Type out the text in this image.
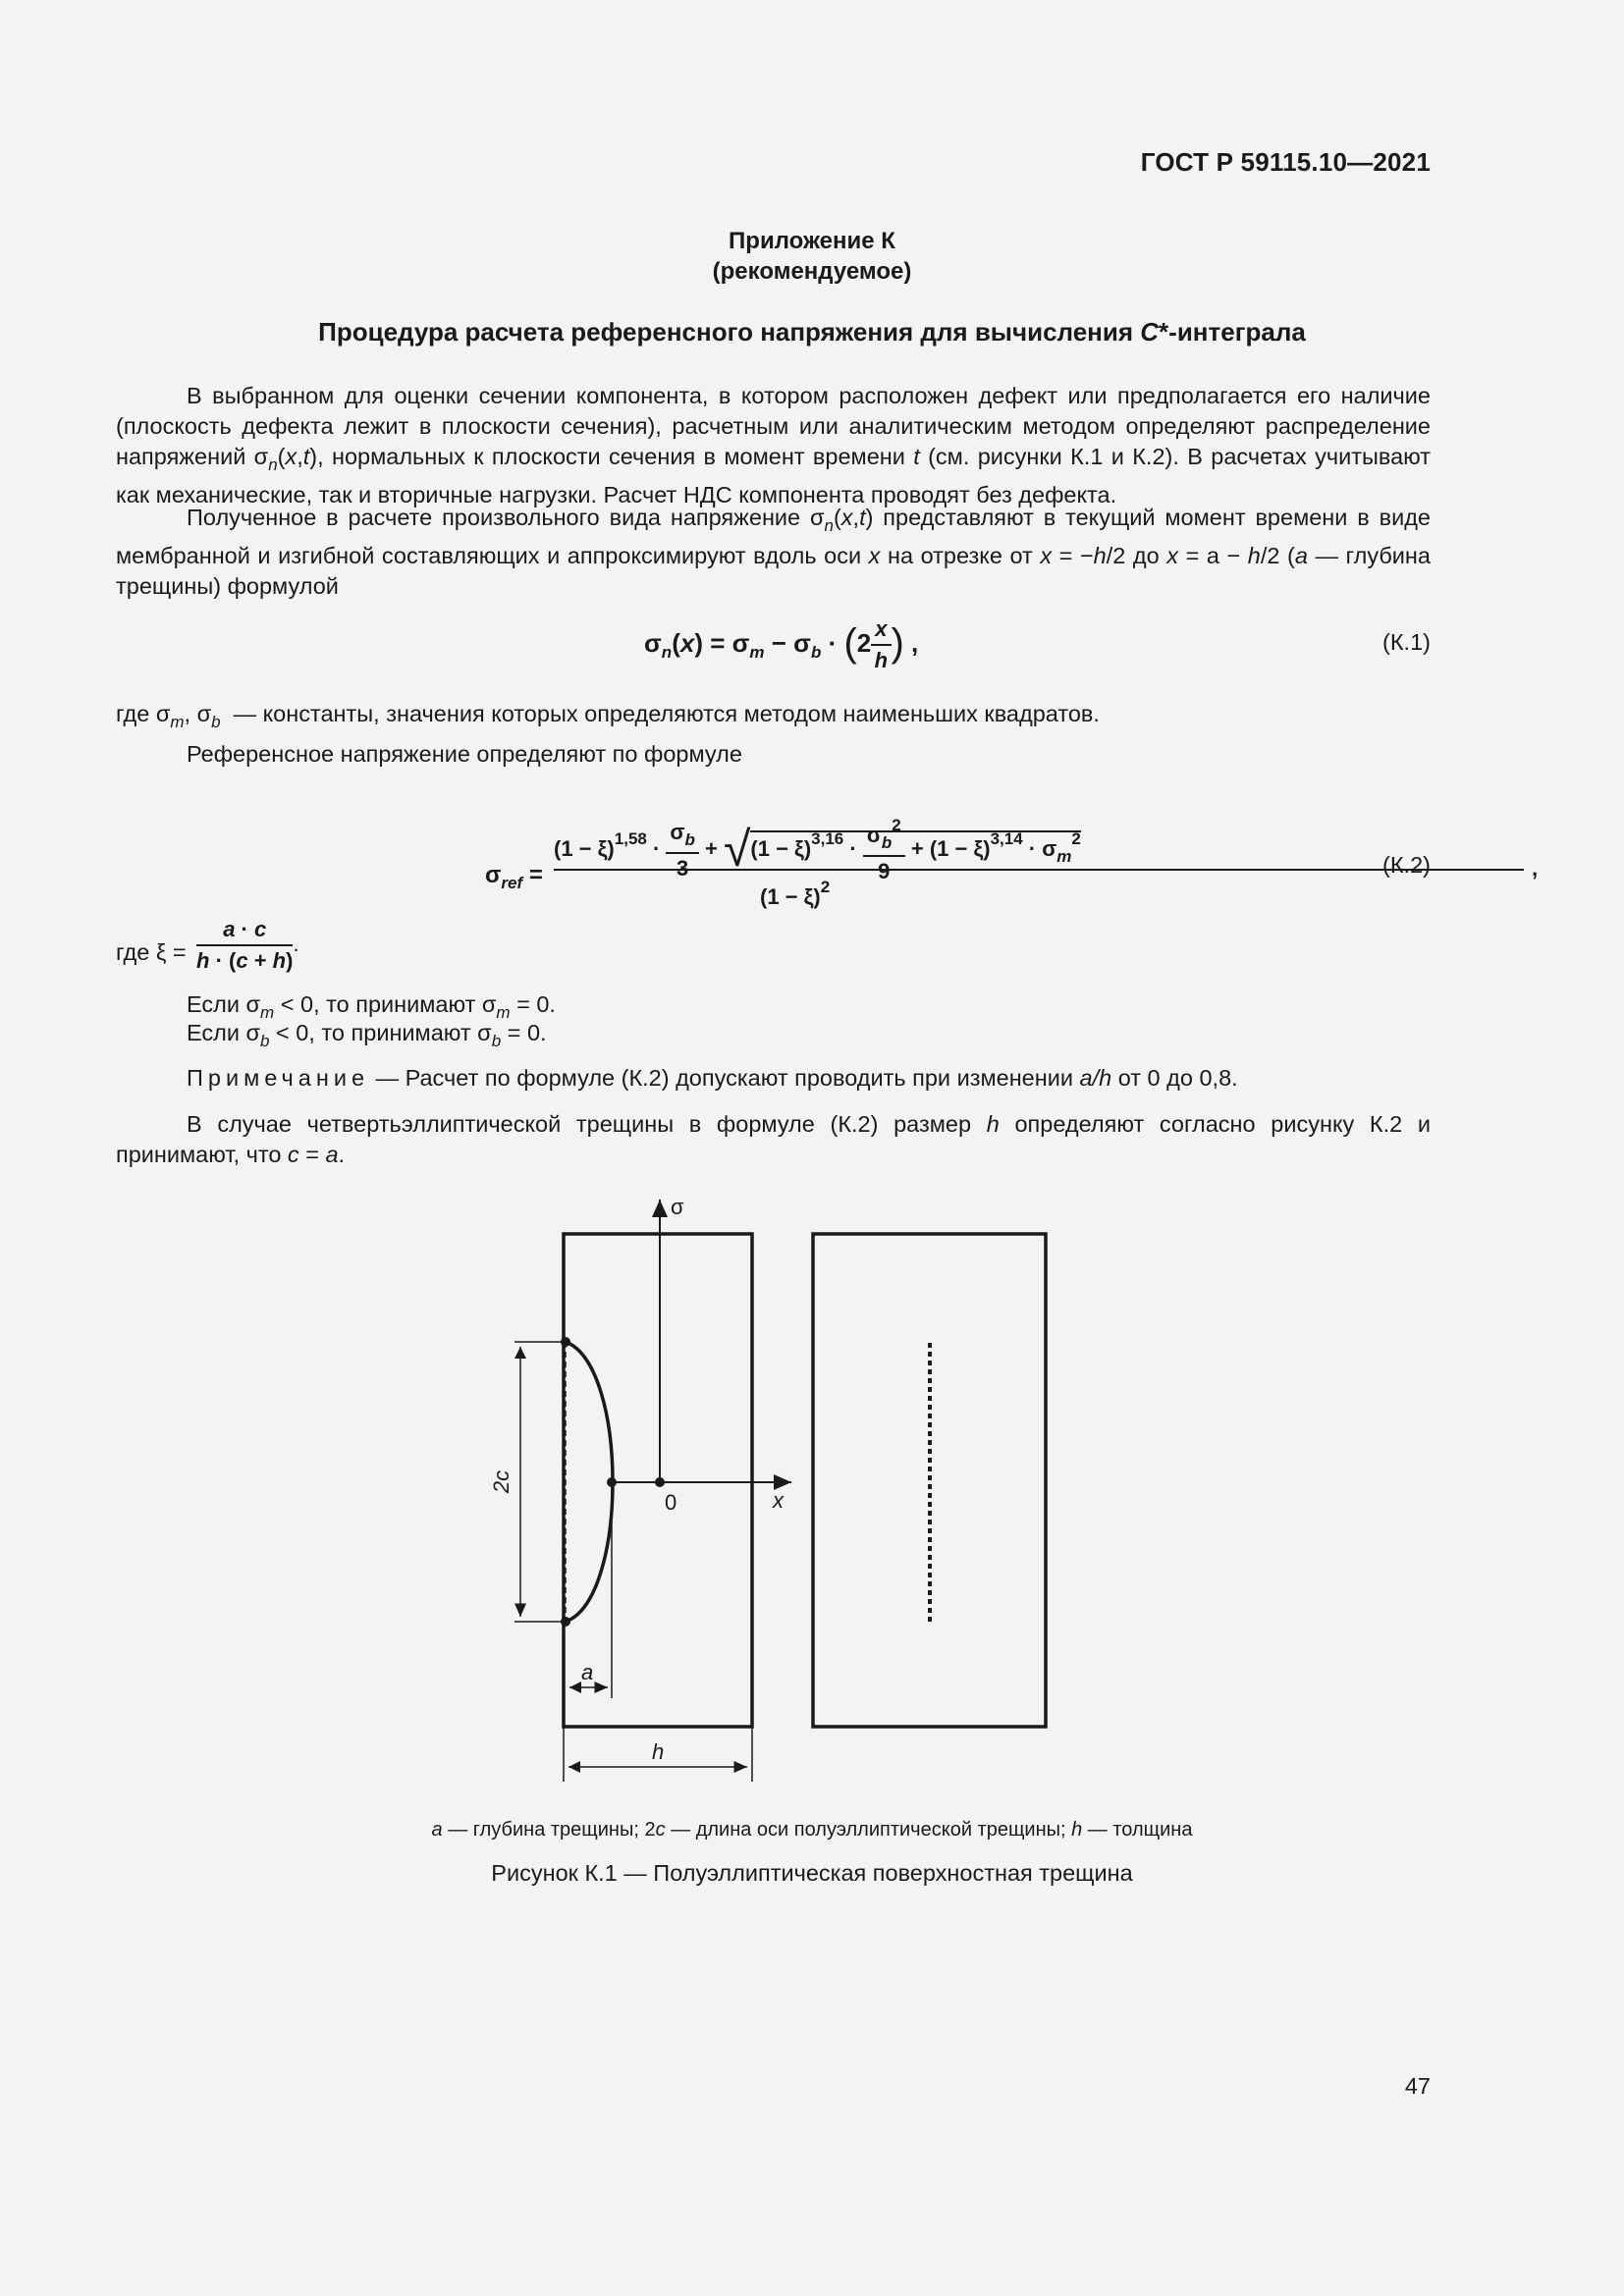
ГОСТ Р 59115.10—2021
Приложение К
(рекомендуемое)
Процедура расчета референсного напряжения для вычисления C*-интеграла

В выбранном для оценки сечении компонента, в котором расположен дефект или предполагается его наличие (плоскость дефекта лежит в плоскости сечения), расчетным или аналитическим методом определяют распределение напряжений $\sigma_n(x,t)$, нормальных к плоскости сечения в момент времени t (см. рисунки К.1 и К.2). В расчетах учитывают как механические, так и вторичные нагрузки. Расчет НДС компонента проводят без дефекта.

Полученное в расчете произвольного вида напряжение $\sigma_n(x,t)$ представляют в текущий момент времени в виде мембранной и изгибной составляющих и аппроксимируют вдоль оси x на отрезке от x = −h/2 до x = a − h/2 (a — глубина трещины) формулой

$\sigma_n(x) = \sigma_m - \sigma_b \cdot (2 \frac{x}{h}$ ) ,	(К.1)
где $\sigma_m$, $\sigma_b$  — константы, значения которых определяются методом наименьших квадратов.
Референсное напряжение определяют по формуле
$\sigma_{ref}$ =
$(1 - \xi)^{1,58} \cdot \frac{\sigma_b}{3} + √(1 - \xi)^{3,16} \cdot \frac{\sigma_b^2}{9} + (1 - \xi)^{3,14} \cdot \sigma_m^2$
$(1 - \xi)^2$
,
(К.2)
где $\xi = \frac{a \cdot c}{h \cdot (c + h)}$ .
Если $\sigma_m < 0$, то принимают $\sigma_m = 0$.
Если $\sigma_b < 0$, то принимают $\sigma_b = 0$.
Примечание — Расчет по формуле (К.2) допускают проводить при изменении a/h от 0 до 0,8.

В случае четвертьэллиптической трещины в формуле (К.2) размер h определяют согласно рисунку К.2 и принимают, что c = a.

σ
0	x
2c
a
h
a — глубина трещины; 2c — длина оси полуэллиптической трещины; h — толщина
Рисунок К.1 — Полуэллиптическая поверхностная трещина
47
